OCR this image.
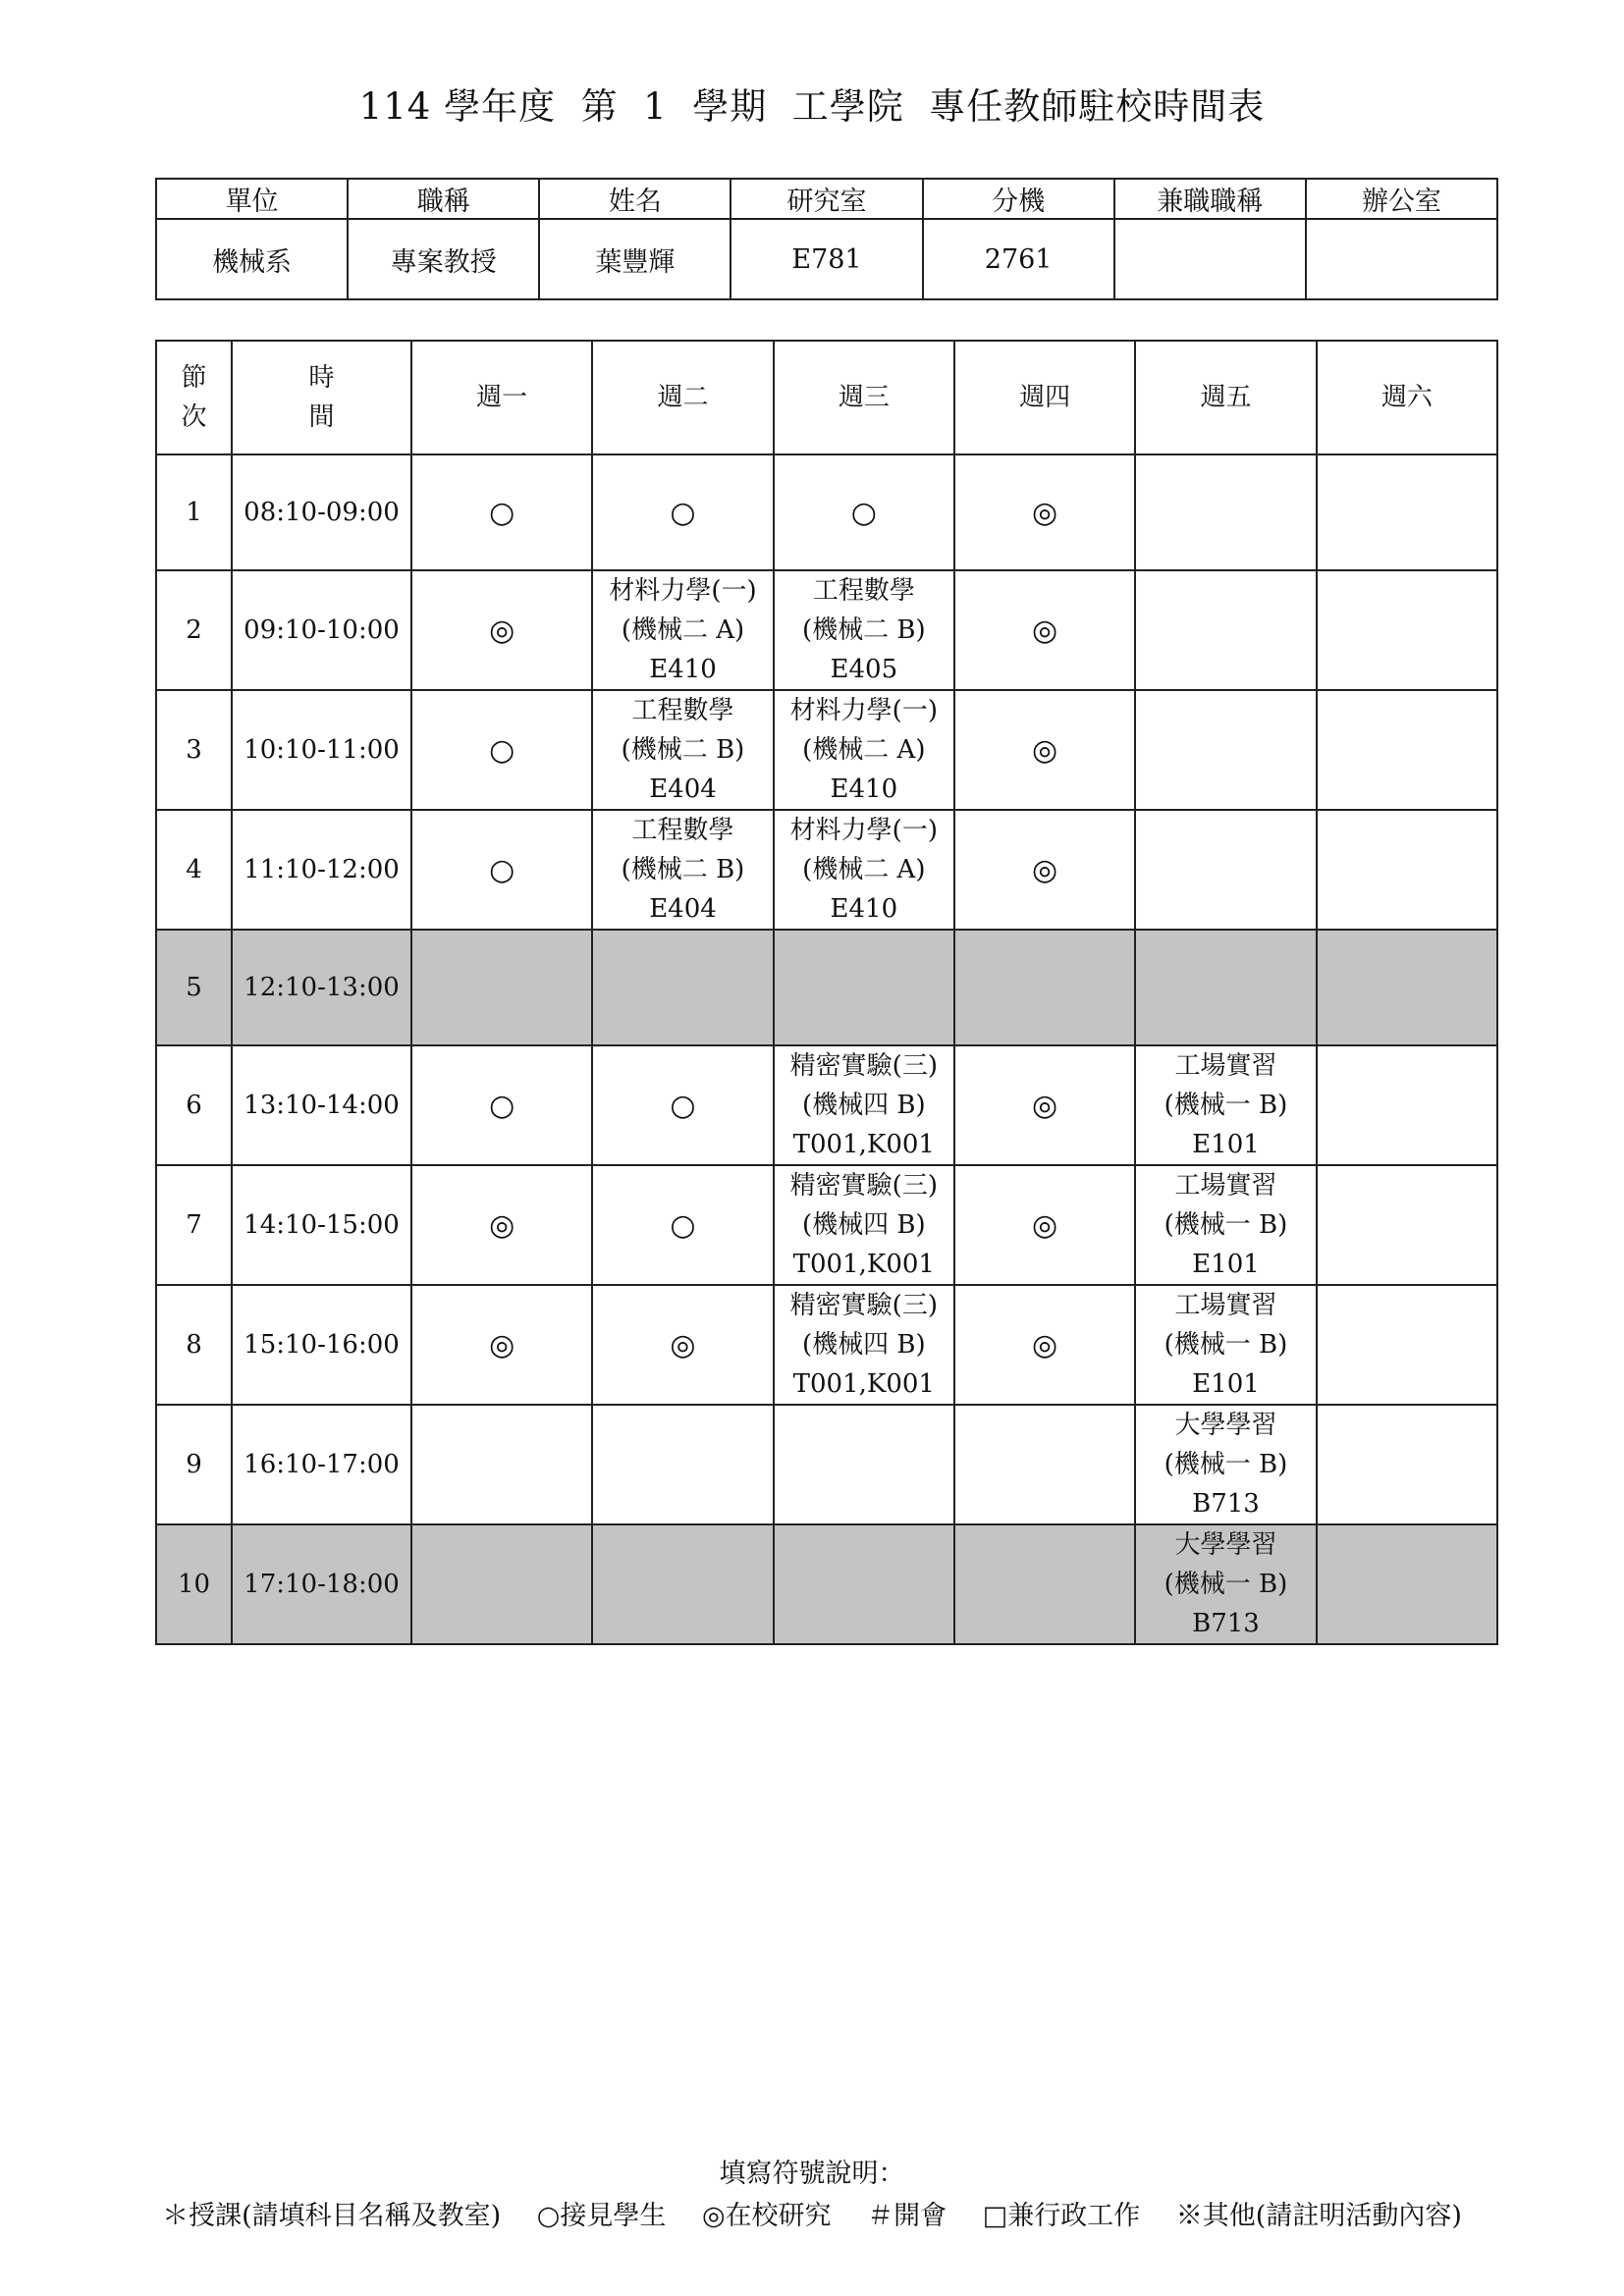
114 學年度  第  1  學期  工學院  專任教師駐校時間表
單位	職稱	姓名	研究室	分機	兼職職稱	辦公室
機械系	專案教授	葉豐輝	E781	2761		
節次	時間	週一	週二	週三	週四	週五	週六
1	08:10-09:00	○	○	○	◎		
2	09:10-10:00	◎	材料力學(一)
(機械二 A)
E410	工程數學
(機械二 B)
E405	◎		
3	10:10-11:00	○	工程數學
(機械二 B)
E404	材料力學(一)
(機械二 A)
E410	◎		
4	11:10-12:00	○	工程數學
(機械二 B)
E404	材料力學(一)
(機械二 A)
E410	◎		
5	12:10-13:00						
6	13:10-14:00	○	○	精密實驗(三)
(機械四 B)
T001,K001	◎	工場實習
(機械一 B)
E101	
7	14:10-15:00	◎	○	精密實驗(三)
(機械四 B)
T001,K001	◎	工場實習
(機械一 B)
E101	
8	15:10-16:00	◎	◎	精密實驗(三)
(機械四 B)
T001,K001	◎	工場實習
(機械一 B)
E101	
9	16:10-17:00					大學學習
(機械一 B)
B713	
10	17:10-18:00					大學學習
(機械一 B)
B713	
填寫符號說明：
＊授課(請填科目名稱及教室) ○接見學生 ◎在校研究 ＃開會 □兼行政工作 ※其他(請註明活動內容)
